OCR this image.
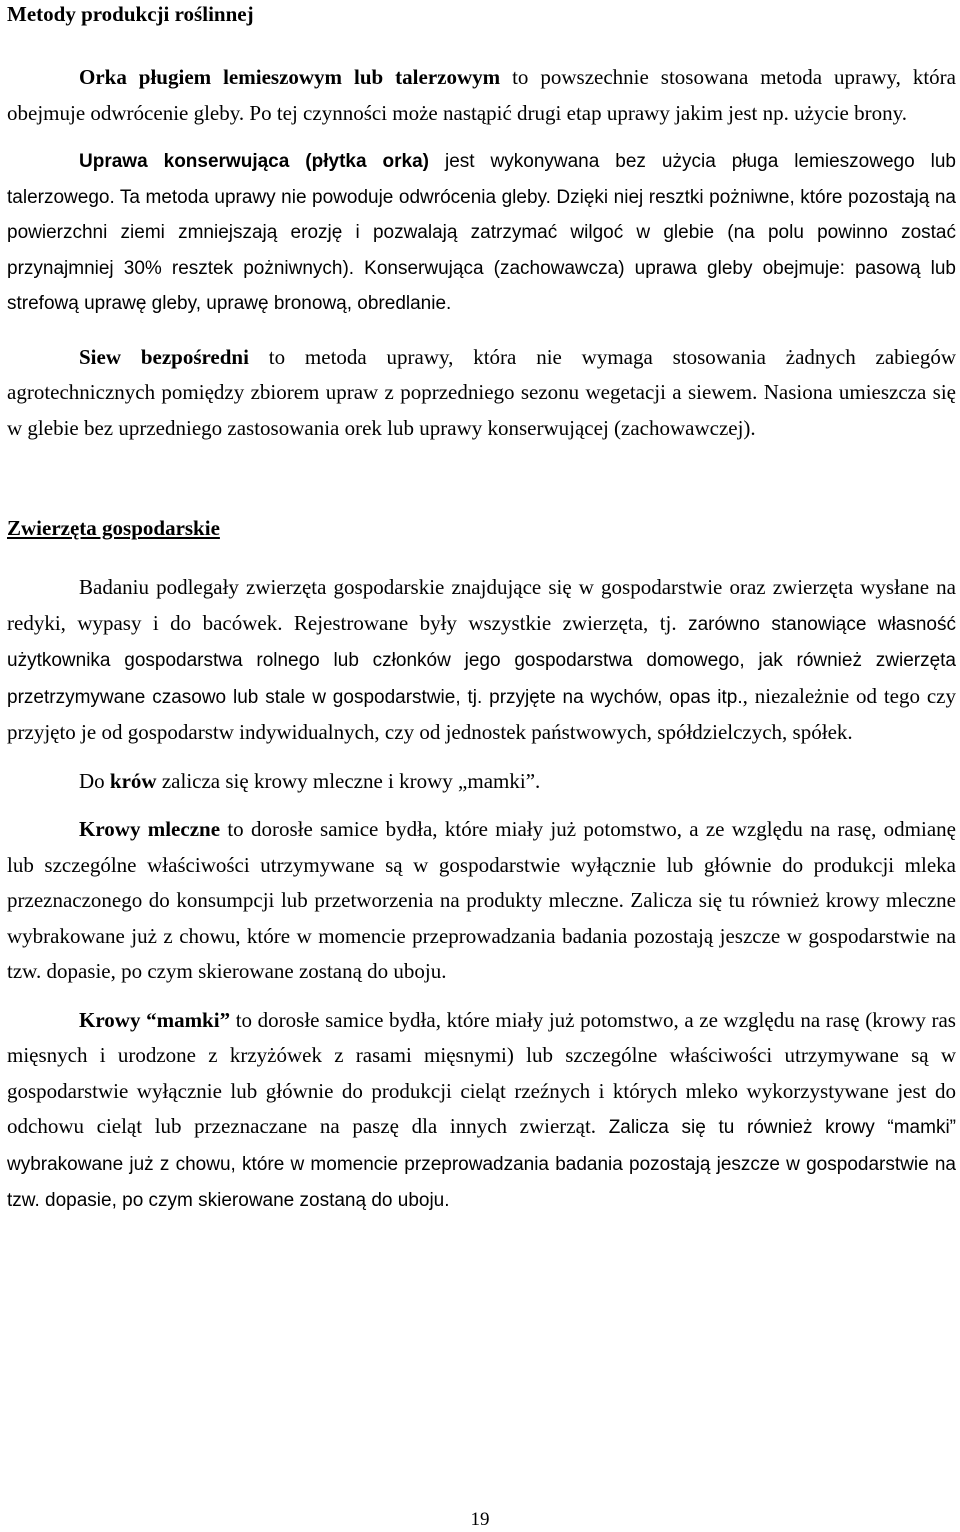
Metody produkcji roślinnej

Orka pługiem lemieszowym lub talerzowym to powszechnie stosowana metoda uprawy, która obejmuje odwrócenie gleby. Po tej czynności może nastąpić drugi etap uprawy jakim jest np. użycie brony.

Uprawa konserwująca (płytka orka) jest wykonywana bez użycia pługa lemieszowego lub talerzowego. Ta metoda uprawy nie powoduje odwrócenia gleby. Dzięki niej resztki pożniwne, które pozostają na powierzchni ziemi zmniejszają erozję i pozwalają zatrzymać wilgoć w glebie (na polu powinno zostać przynajmniej 30% resztek pożniwnych). Konserwująca (zachowawcza) uprawa gleby obejmuje: pasową lub strefową uprawę gleby, uprawę bronową, obredlanie.

Siew bezpośredni to metoda uprawy, która nie wymaga stosowania żadnych zabiegów agrotechnicznych pomiędzy zbiorem upraw z poprzedniego sezonu wegetacji a siewem. Nasiona umieszcza się w glebie bez uprzedniego zastosowania orek lub uprawy konserwującej (zachowawczej).

Zwierzęta gospodarskie

Badaniu podlegały zwierzęta gospodarskie znajdujące się w gospodarstwie oraz zwierzęta wysłane na redyki, wypasy i do bacówek. Rejestrowane były wszystkie zwierzęta, tj. zarówno stanowiące własność użytkownika gospodarstwa rolnego lub członków jego gospodarstwa domowego, jak również zwierzęta przetrzymywane czasowo lub stale w gospodarstwie, tj. przyjęte na wychów, opas itp., niezależnie od tego czy przyjęto je od gospodarstw indywidualnych, czy od jednostek państwowych, spółdzielczych, spółek.

Do krów zalicza się krowy mleczne i krowy „mamki”.

Krowy mleczne to dorosłe samice bydła, które miały już potomstwo, a ze względu na rasę, odmianę lub szczególne właściwości utrzymywane są w gospodarstwie wyłącznie lub głównie do produkcji mleka przeznaczonego do konsumpcji lub przetworzenia na produkty mleczne. Zalicza się tu również krowy mleczne wybrakowane już z chowu, które w momencie przeprowadzania badania pozostają jeszcze w gospodarstwie na tzw. dopasie, po czym skierowane zostaną do uboju.

Krowy “mamki” to dorosłe samice bydła, które miały już potomstwo, a ze względu na rasę (krowy ras mięsnych i urodzone z krzyżówek z rasami mięsnymi) lub szczególne właściwości utrzymywane są w gospodarstwie wyłącznie lub głównie do produkcji cieląt rzeźnych i których mleko wykorzystywane jest do odchowu cieląt lub przeznaczane na paszę dla innych zwierząt. Zalicza się tu również krowy “mamki” wybrakowane już z chowu, które w momencie przeprowadzania badania pozostają jeszcze w gospodarstwie na tzw. dopasie, po czym skierowane zostaną do uboju.

19
